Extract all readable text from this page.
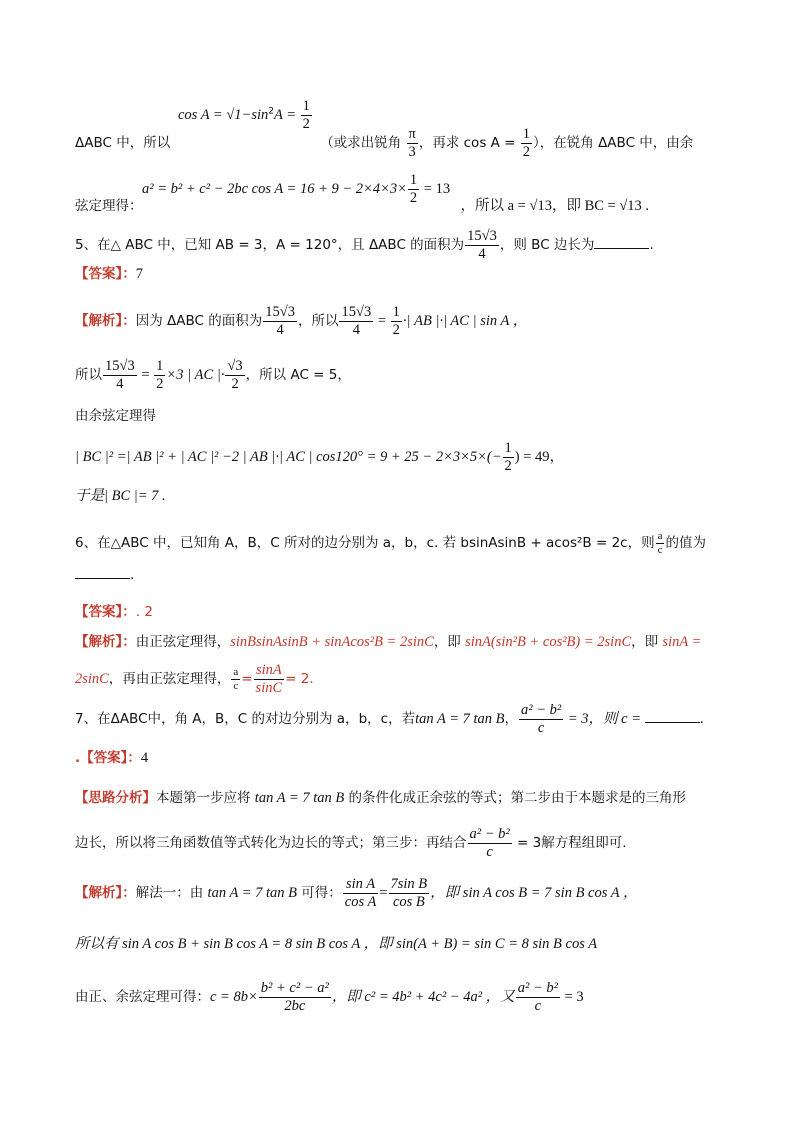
$\cos A = √1-\sin^2A = \frac{1}{2}$
ΔABC 中，所以	（或求出锐角 $\frac{\pi}{3}$ ，再求 $\cos A = \frac{1}{2}$ ），在锐角 ΔABC 中，由余
a² = b² + c² − 2bc $\cos A = 16 + 9 - 2\times 4\times 3\times \frac{1}{2} = 13$
弦定理得：	，所以 a = √13，即 BC = √13 .
5、在△ ABC 中，已知 AB = 3，A = 120°，且 ΔABC 的面积为 $\frac{15√3}{4}$ ，则 BC 边长为	.
【答案】：7
【解析】：因为 ΔABC 的面积为 $\frac{15√3}{4}$ ，所以 $\frac{15√3}{4} = \frac{1}{2}$ ·| AB |·| AC | sin A ，
所以 $\frac{15√3}{4} = \frac{1}{2} \times 3$ | AC |· $\frac{√3}{2}$ ，所以 AC = 5，
由余弦定理得
| BC |² =| AB |² + | AC |² −2 | AB |·| AC | $\cos 120^\circ = 9 + 25 - 2\times 3\times 5\times(- \frac{1}{2}$ ) = 49，
于是| BC |= 7 .
6、在△ABC 中，已知角 A，B，C 所对的边分别为 a，b，c. 若 bsinAsinB + acos²B = 2c，则 $\frac{a}{c}$ 的值为
.
【答案】：. 2
【解析】：由正弦定理得，sinBsinAsinB + sinAcos²B = 2sinC，即 sinA(sin²B + cos²B) = 2sinC，即 sinA =
2sinC，再由正弦定理得， $\frac{a}{c} = \frac{\sin A}{\sin C} = 2$.
7、在ΔABC中，角 A，B，C 的对边分别为 a，b，c，若tan A = 7 tan B， $\frac{\text{a² − b²}}{c} = 3$，则 c =	.
.【答案】：4
【思路分析】本题第一步应将 tan A = 7 tan B 的条件化成正余弦的等式；第二步由于本题求是的三角形
边长，所以将三角函数值等式转化为边长的等式；第三步：再结合 $\frac{\text{a² − b²}}{c} = 3$解方程组即可.
【解析】：解法一：由 tan A = 7 tan B 可得： $\frac{\text{sin A}}{\text{cos A}} = \frac{\text{7sin B}}{\text{cos B}}$ ，即 sin A cos B = 7 sin B cos A ，
所以有 sin A cos B + sin B cos A = 8 sin B cos A ，即 sin(A + B) = sin C = 8 sin B cos A
由正、余弦定理可得：$c = 8b\times \frac{\text{b² + c² − a²}}{2bc}$ ，即 c² = 4b² + 4c² − 4a² ，又 $\frac{\text{a² − b²}}{c} = 3$
